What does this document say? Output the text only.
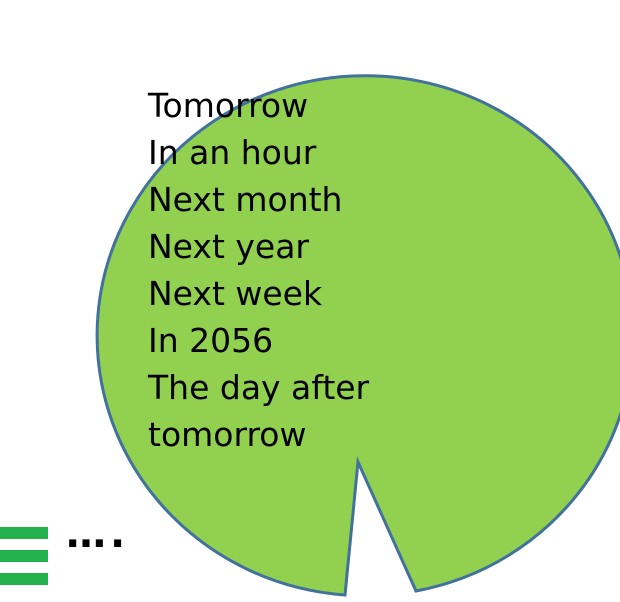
Tomorrow
In an hour
Next month
Next year
Next week
In 2056
The day after
tomorrow
….
